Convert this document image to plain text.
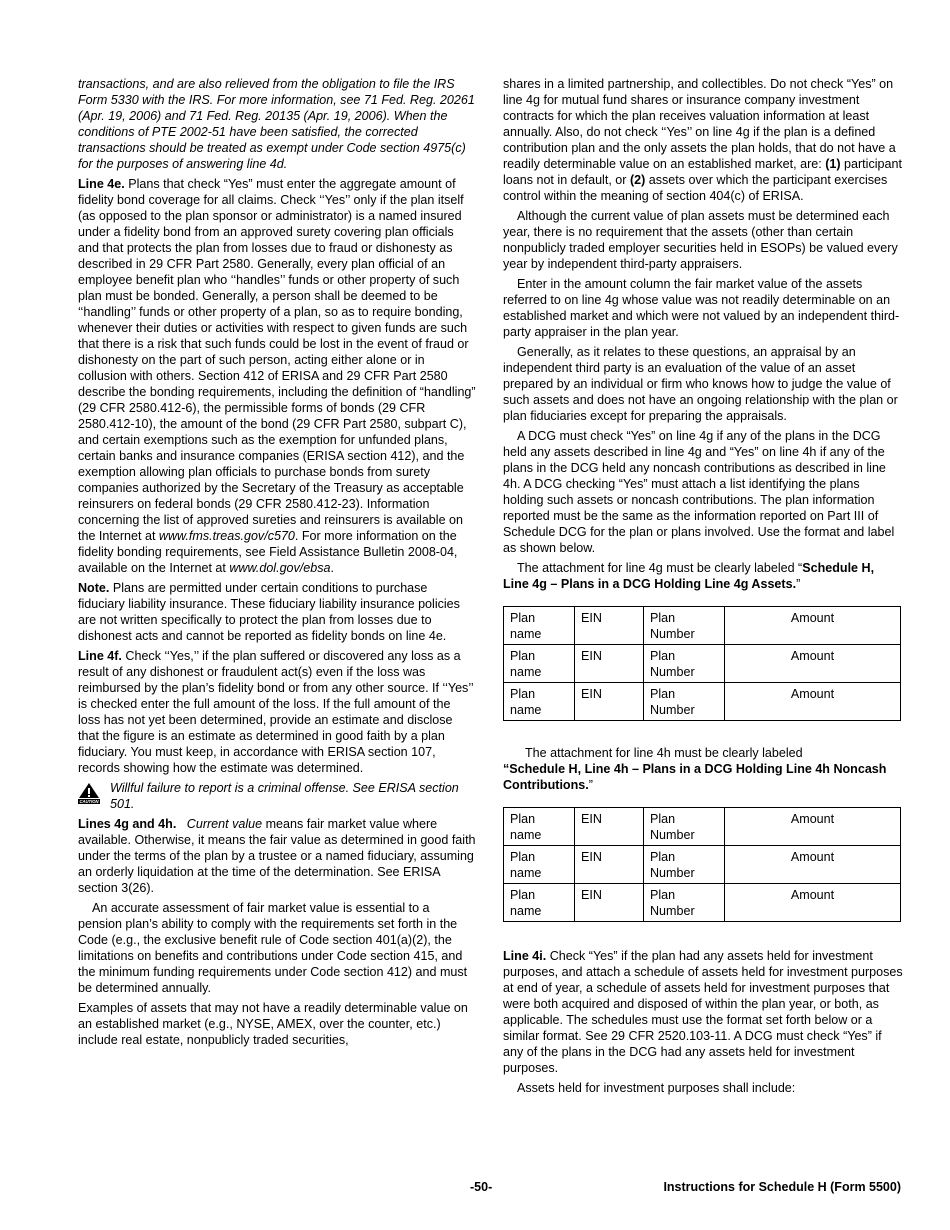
transactions, and are also relieved from the obligation to file the IRS Form 5330 with the IRS. For more information, see 71 Fed. Reg. 20261 (Apr. 19, 2006) and 71 Fed. Reg. 20135 (Apr. 19, 2006). When the conditions of PTE 2002-51 have been satisfied, the corrected transactions should be treated as exempt under Code section 4975(c) for the purposes of answering line 4d.

Line 4e. Plans that check “Yes” must enter the aggregate amount of fidelity bond coverage for all claims. Check ‘‘Yes’’ only if the plan itself (as opposed to the plan sponsor or administrator) is a named insured under a fidelity bond from an approved surety covering plan officials and that protects the plan from losses due to fraud or dishonesty as described in 29 CFR Part 2580. Generally, every plan official of an employee benefit plan who ‘‘handles’’ funds or other property of such plan must be bonded. Generally, a person shall be deemed to be ‘‘handling’’ funds or other property of a plan, so as to require bonding, whenever their duties or activities with respect to given funds are such that there is a risk that such funds could be lost in the event of fraud or dishonesty on the part of such person, acting either alone or in collusion with others. Section 412 of ERISA and 29 CFR Part 2580 describe the bonding requirements, including the definition of “handling” (29 CFR 2580.412-6), the permissible forms of bonds (29 CFR 2580.412-10), the amount of the bond (29 CFR Part 2580, subpart C), and certain exemptions such as the exemption for unfunded plans, certain banks and insurance companies (ERISA section 412), and the exemption allowing plan officials to purchase bonds from surety companies authorized by the Secretary of the Treasury as acceptable reinsurers on federal bonds (29 CFR 2580.412-23). Information concerning the list of approved sureties and reinsurers is available on the Internet at www.fms.treas.gov/c570. For more information on the fidelity bonding requirements, see Field Assistance Bulletin 2008-04, available on the Internet at www.dol.gov/ebsa.

Note. Plans are permitted under certain conditions to purchase fiduciary liability insurance. These fiduciary liability insurance policies are not written specifically to protect the plan from losses due to dishonest acts and cannot be reported as fidelity bonds on line 4e.

Line 4f. Check ‘‘Yes,’’ if the plan suffered or discovered any loss as a result of any dishonest or fraudulent act(s) even if the loss was reimbursed by the plan’s fidelity bond or from any other source. If ‘‘Yes’’ is checked enter the full amount of the loss. If the full amount of the loss has not yet been determined, provide an estimate and disclose that the figure is an estimate as determined in good faith by a plan fiduciary. You must keep, in accordance with ERISA section 107, records showing how the estimate was determined.

CAUTION
Willful failure to report is a criminal offense. See ERISA section 501.

Lines 4g and 4h. Current value means fair market value where available. Otherwise, it means the fair value as determined in good faith under the terms of the plan by a trustee or a named fiduciary, assuming an orderly liquidation at the time of the determination. See ERISA section 3(26).

An accurate assessment of fair market value is essential to a pension plan’s ability to comply with the requirements set forth in the Code (e.g., the exclusive benefit rule of Code section 401(a)(2), the limitations on benefits and contributions under Code section 415, and the minimum funding requirements under Code section 412) and must be determined annually.

Examples of assets that may not have a readily determinable value on an established market (e.g., NYSE, AMEX, over the counter, etc.) include real estate, nonpublicly traded securities,

shares in a limited partnership, and collectibles. Do not check “Yes” on line 4g for mutual fund shares or insurance company investment contracts for which the plan receives valuation information at least annually. Also, do not check ‘‘Yes’’ on line 4g if the plan is a defined contribution plan and the only assets the plan holds, that do not have a readily determinable value on an established market, are: (1) participant loans not in default, or (2) assets over which the participant exercises control within the meaning of section 404(c) of ERISA.

Although the current value of plan assets must be determined each year, there is no requirement that the assets (other than certain nonpublicly traded employer securities held in ESOPs) be valued every year by independent third-party appraisers.

Enter in the amount column the fair market value of the assets referred to on line 4g whose value was not readily determinable on an established market and which were not valued by an independent third-party appraiser in the plan year.

Generally, as it relates to these questions, an appraisal by an independent third party is an evaluation of the value of an asset prepared by an individual or firm who knows how to judge the value of such assets and does not have an ongoing relationship with the plan or plan fiduciaries except for preparing the appraisals.

A DCG must check “Yes” on line 4g if any of the plans in the DCG held any assets described in line 4g and “Yes” on line 4h if any of the plans in the DCG held any noncash contributions as described in line 4h. A DCG checking “Yes” must attach a list identifying the plans holding such assets or noncash contributions. The plan information reported must be the same as the information reported on Part III of Schedule DCG for the plan or plans involved. Use the format and label as shown below.

The attachment for line 4g must be clearly labeled “Schedule H, Line 4g – Plans in a DCG Holding Line 4g Assets.”

Plan name	EIN	Plan Number	Amount
Plan name	EIN	Plan Number	Amount
Plan name	EIN	Plan Number	Amount

The attachment for line 4h must be clearly labeled
“Schedule H, Line 4h – Plans in a DCG Holding Line 4h Noncash Contributions.”

Plan name	EIN	Plan Number	Amount
Plan name	EIN	Plan Number	Amount
Plan name	EIN	Plan Number	Amount

Line 4i. Check “Yes” if the plan had any assets held for investment purposes, and attach a schedule of assets held for investment purposes at end of year, a schedule of assets held for investment purposes that were both acquired and disposed of within the plan year, or both, as applicable. The schedules must use the format set forth below or a similar format. See 29 CFR 2520.103-11. A DCG must check “Yes” if any of the plans in the DCG had any assets held for investment purposes.

Assets held for investment purposes shall include:

-50-	Instructions for Schedule H (Form 5500)
